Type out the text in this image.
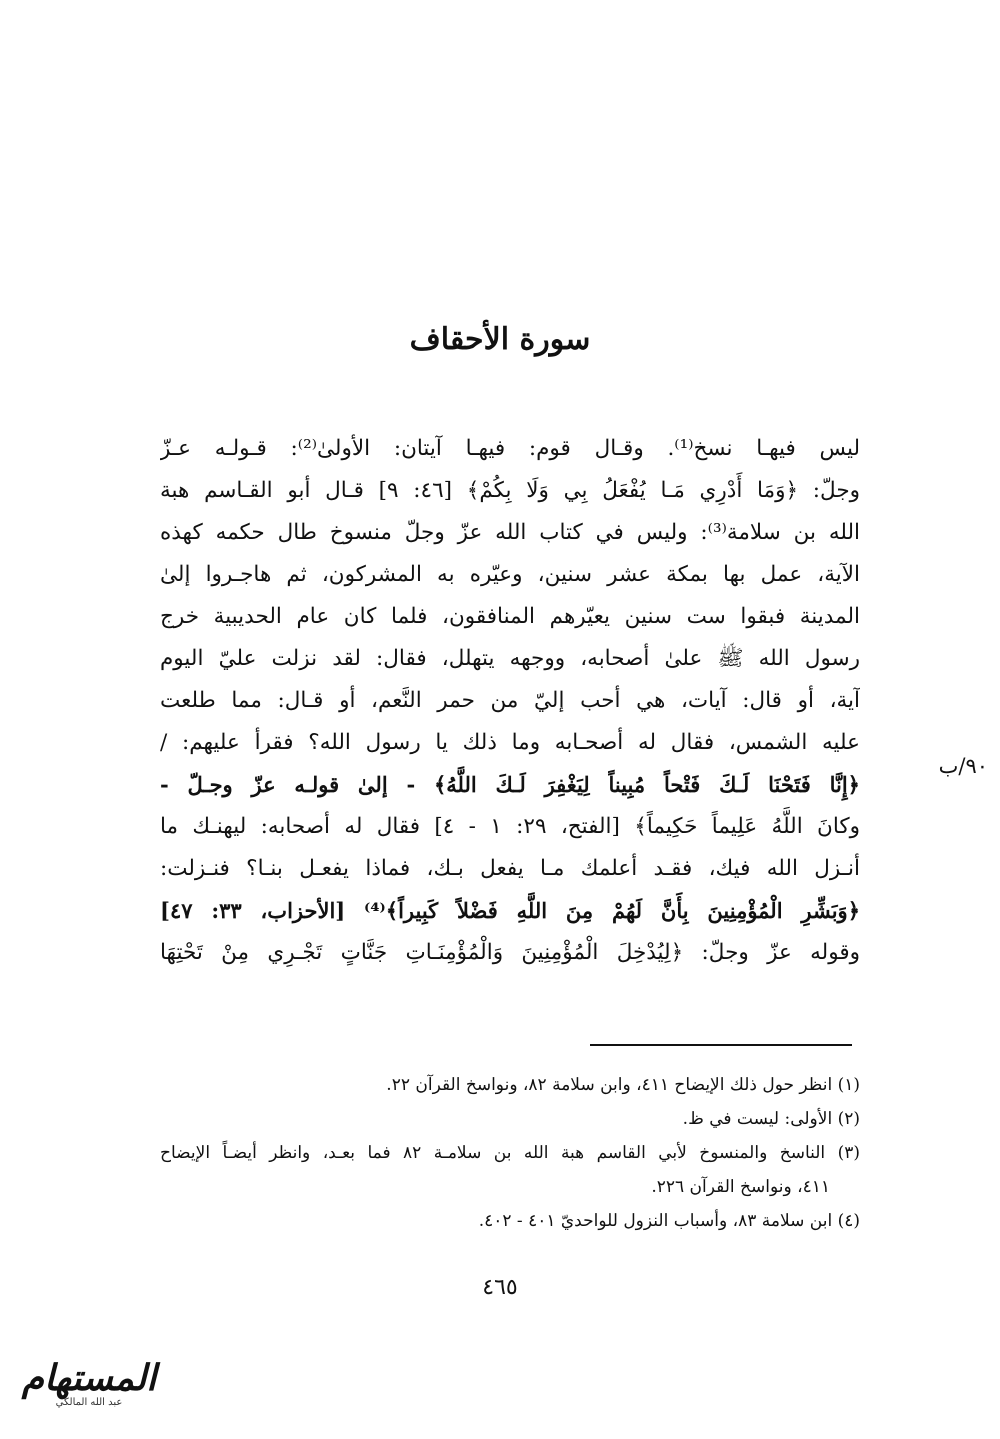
سورة الأحقاف
٩٠/ب
ليس فيهـا نسخ⁽¹⁾. وقـال قوم: فيهـا آيتان: الأولىٰ⁽²⁾: قـولـه عـزّ
وجلّ: ﴿وَمَا أَدْرِي مَـا يُفْعَلُ بِي وَلَا بِكُمْ﴾ [٤٦: ٩] قـال أبو القـاسم هبة
الله بن سلامة⁽³⁾: وليس في كتاب الله عزّ وجلّ منسوخ طال حكمه كهذه
الآية، عمل بها بمكة عشر سنين، وعيّره به المشركون، ثم هاجـروا إلىٰ
المدينة فبقوا ست سنين يعيّرهم المنافقون، فلما كان عام الحديبية خرج
رسول الله ﷺ علىٰ أصحابه، ووجهه يتهلل، فقال: لقد نزلت عليّ اليوم
آية، أو قال: آيات، هي أحب إليّ من حمر النَّعم، أو قـال: مما طلعت
عليه الشمس، فقال له أصحـابه وما ذلك يا رسول الله؟ فقرأ عليهم: /
﴿إِنَّا فَتَحْنَا لَـكَ فَتْحاً مُبِيناً لِيَغْفِرَ لَـكَ اللَّهُ﴾ - إلىٰ قولـه عزّ وجـلّ -
وكانَ اللَّهُ عَلِيماً حَكِيماً﴾ [الفتح، ٢٩: ١ - ٤] فقال له أصحابه: ليهنـك ما
أنـزل الله فيك، فقـد أعلمك مـا يفعل بـك، فماذا يفعـل بنـا؟ فنـزلت:
﴿وَبَشِّرِ الْمُؤْمِنِينَ بِأَنَّ لَهُمْ مِنَ اللَّهِ فَضْلاً كَبِيراً﴾⁽⁴⁾ [الأحزاب، ٣٣: ٤٧]
وقوله عزّ وجلّ: ﴿لِيُدْخِلَ الْمُؤْمِنِينَ وَالْمُؤْمِنَـاتِ جَنَّاتٍ تَجْـرِي مِنْ تَحْتِهَا
(١) انظر حول ذلك الإيضاح ٤١١، وابن سلامة ٨٢، ونواسخ القرآن ٢٢.
(٢) الأولى: ليست في ظ.
(٣) الناسخ والمنسوخ لأبي القاسم هبة الله بن سلامـة ٨٢ فما بعـد، وانظر أيضـاً الإيضاح
٤١١، ونواسخ القرآن ٢٢٦.
(٤) ابن سلامة ٨٣، وأسباب النزول للواحديّ ٤٠١ - ٤٠٢.
٤٦٥
المستهام
عبد الله المالكي
